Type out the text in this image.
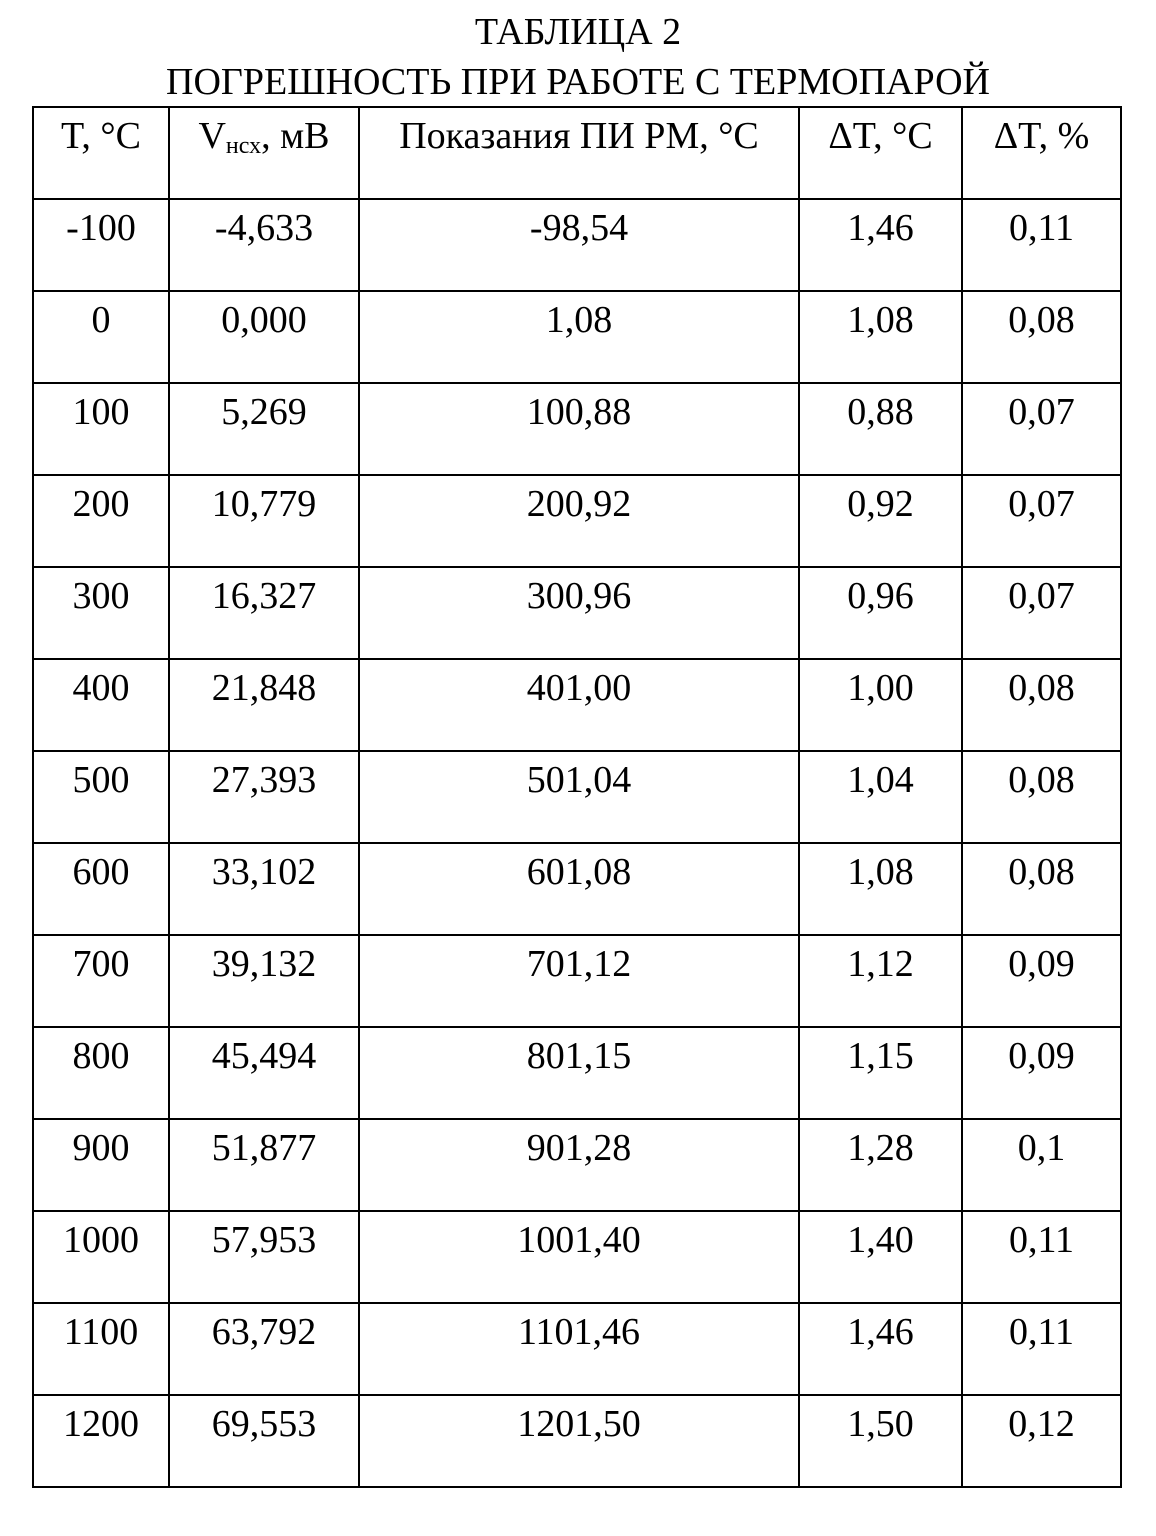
ТАБЛИЦА 2
ПОГРЕШНОСТЬ ПРИ РАБОТЕ С ТЕРМОПАРОЙ
T, °С	$V_{нсх}$, мВ	Показания ПИ РМ, °С	ΔT, °С	ΔT, %
-100	-4,633	-98,54	1,46	0,11
0	0,000	1,08	1,08	0,08
100	5,269	100,88	0,88	0,07
200	10,779	200,92	0,92	0,07
300	16,327	300,96	0,96	0,07
400	21,848	401,00	1,00	0,08
500	27,393	501,04	1,04	0,08
600	33,102	601,08	1,08	0,08
700	39,132	701,12	1,12	0,09
800	45,494	801,15	1,15	0,09
900	51,877	901,28	1,28	0,1
1000	57,953	1001,40	1,40	0,11
1100	63,792	1101,46	1,46	0,11
1200	69,553	1201,50	1,50	0,12
